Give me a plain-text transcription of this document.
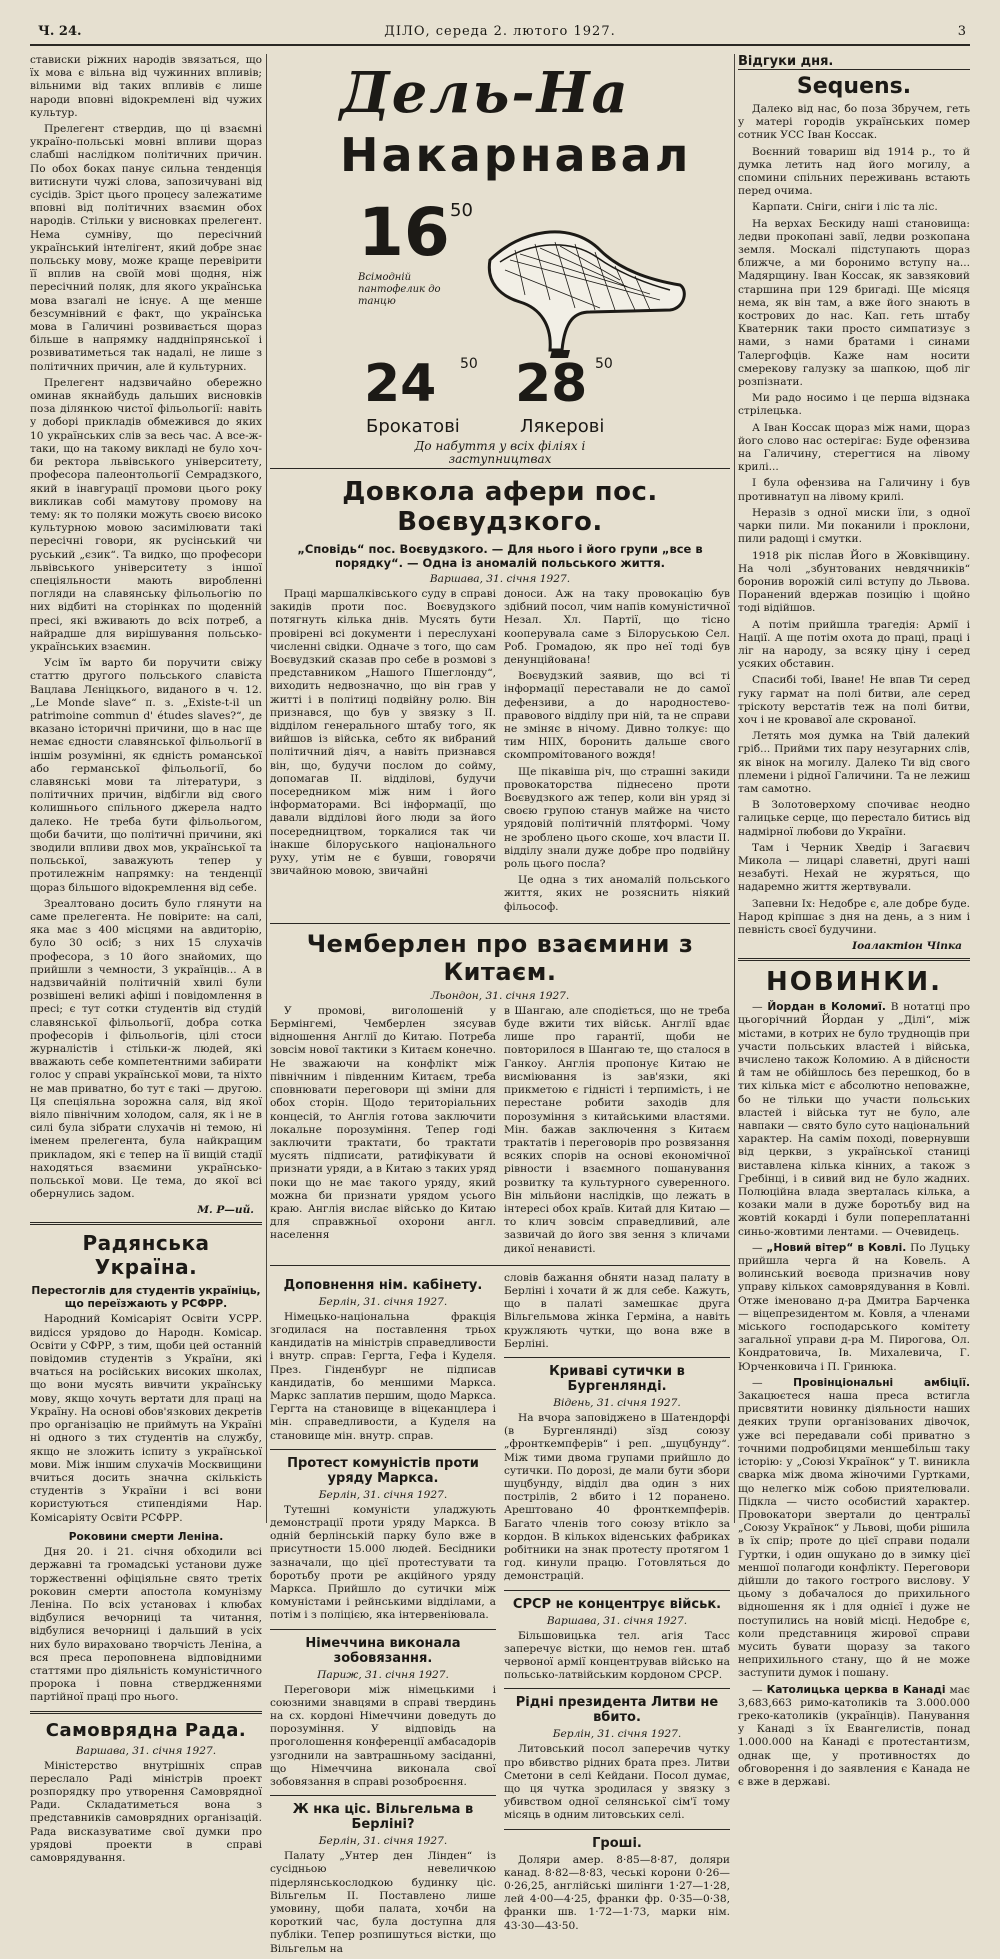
Ч. 24.	ДІЛО, середа 2. лютого 1927.	3

стависки ріжних народів звязаться, що їх мова є вільна від чужинних впливів; вільними від таких впливів є лише народи вповні відокремлені від чужих культур.

Прелегент ствердив, що ці взаємні україно-польські мовні впливи щораз слабші наслідком політичних причин. По обох боках панує сильна тенденція витиснути чужі слова, запозичувані від сусідів. Зріст цього процесу залежатиме вповні від політичних взаємин обох народів. Стільки у висновках прелегент. Нема сумніву, що пересічний український інтелігент, який добре знає польську мову, може краще перевірити її вплив на своїй мові щодня, ніж пересічний поляк, для якого українська мова взагалі не існує. А ще менше безсумнівний є факт, що українська мова в Галичині розвивається щораз більше в напрямку наддніпрянської і розвиватиметься так надалі, не лише з політичних причин, але й культурних.

Прелегент надзвичайно обережно оминав якнайбудь дальших висновків поза ділянкою чистої фільольогії: навіть у доборі прикладів обмежився до яких 10 українських слів за весь час. А все-ж-таки, що на такому викладі не було хоч-би ректора львівського університету, професора палеонтольогії Семрадзкого, який в інавгурації промови цього року викликав собі мамутову промову на тему: як то поляки можуть своєю високо культурною мовою засимілювати такі пересічні говори, як русінський чи руський „єзик“. Та видко, що професори львівського університету з іншої спеціяльности мають виробленні погляди на славянську фільольогію по них відбиті на сторінках по щоденній пресі, які вживають до всіх потреб, а найрадше для вирішування польсько-українських взаємин.

Усім їм варто би поручити свіжу статтю другого польського славіста Вацлава Лєніцкього, виданого в ч. 12. „Le Monde slave“ п. з. „Existe-t-il un patrimoine commun d' études slaves?“, де вказано історичні причини, що в нас ще немає єдности славянської фільольогії в іншім розумінні, як єдність романської або германської фільольогії, бо славянські мови та літератури, з політичних причин, відбігли від свого колишнього спільного джерела надто далеко. Не треба бути фільольогом, щоби бачити, що політичні причини, які зводили впливи двох мов, української та польської, заважують тепер у протилежнім напрямку: на тенденції щораз більшого відокремлення від себе.

Зреалтовано досить було глянути на саме прелегента. Не повірите: на салі, яка має з 400 місцями на авдиторію, було 30 осіб; з них 15 слухачів професора, з 10 його знайомих, що прийшли з чемности, 3 українців... А в надзвичайній політичній хвилі були розвішені великі афіші і повідомлення в пресі; є тут сотки студентів від студій славянської фільольогії, добра сотка професорів і фільольогів, цілі стоси журналістів і стільки-ж людей, які вважають себе компетентними забирати голос у справі української мови, та ніхто не мав приватно, бо тут є такі — другою. Ця спеціяльна зорожна саля, від якої віяло північним холодом, саля, як і не в силі була зібрати слухачів ні темою, ні іменем прелегента, була найкращим прикладом, які є тепер на її вищій стадії находяться взаємини українсько-польської мови. Це тема, до якої всі обернулись задом.

М. Р—ий.
Радянська Україна.
Перестоглів для студентів україніць, що переїзжають у РСФРР.

Народний Комісаріят Освіти УСРР. видісся урядово до Народн. Комісар. Освіти у СФРР, з тим, щоби цей останній повідомив студентів з України, які вчаться на російських високих школах, що вони мусять вивчити українську мову, якщо хочуть вертати для праці на Україну. На основі обов'язкових декретів про організацію не приймуть на Україні ні одного з тих студентів на службу, якщо не зложить іспиту з української мови. Між іншим слухачів Москвищини вчиться досить значна скількість студентів з України і всі вони користуються стипендіями Нар. Комісаріяту Освіти РСФРР.

Роковини смерти Леніна.

Дня 20. і 21. січня обходили всі державні та громадські установи дуже торжественні офіціяльне свято третіх роковин смерти апостола комунізму Леніна. По всіх установах і клюбах відбулися вечорниці та читання, відбулися вечорниці і дальший в усіх них було вираховано творчість Леніна, а вся преса пероповнена відповідними статтями про діяльність комуністичного пророка і повна ствердженнями партійної праці про нього.

Самоврядна Рада.
Варшава, 31. січня 1927.

Міністерство внутрішніх справ переслало Раді міністрів проект розпорядку про утворення Самоврядної Ради. Складатиметься вона з представників самоврядних організацій. Рада висказуватиме свої думки про урядові проекти в справі самоврядування.

Дель-На
Накарнавал
16 50
Всімодній пантофелик до танцю
24 50 28 50
Брокатові	Лякерові
До набуття у всіх філіях і заступництвах
Довкола афери пос. Воєвудзкого.
„Сповідь“ пос. Воєвудзкого. — Для нього і його групи „все в порядку“. — Одна із аномалій польського життя.
Варшава, 31. січня 1927.

Праці маршалківського суду в справі закидів проти пос. Воєвудзкого потягнуть кілька днів. Мусять бути провірені всі документи і переслухані численні свідки. Одначе з того, що сам Воєвудзкий сказав про себе в розмові з представником „Нашого Пшеглонду“, виходить недвозначно, що він грав у житті і в політиці подвійну ролю. Він признався, що був у звязку з ІІ. відділом генерального штабу того, як вийшов із війська, себто як вибраний політичний діяч, а навіть признався він, що, будучи послом до сойму, допомагав ІІ. відділові, будучи посередником між ним і його інформаторами. Всі інформації, що давали відділові його люди за його посередництвом, торкалися так чи інакше білоруського національного руху, утім не є бувши, говорячи звичайною мовою, звичайні

доноси. Аж на таку провокацію був здібний посол, чим напів комуністичної Незал. Хл. Партії, що тісно кооперувала саме з Білоруською Сел. Роб. Громадою, як про неї тоді був денунційована!

Воєвудзкий заявив, що всі ті інформації переставали не до самої дефензиви, а до народностево-правового відділу при ній, та не справи не зміняє в нічому. Дивно толкує: що тим НІІХ, боронить дальше свого скомпромітованого вождя!

Ще пікавіша річ, що страшні закиди провокаторства піднесено проти Воєвудзкого аж тепер, коли він уряд зі своєю групою станув майже на чисто урядовій політичній плятформі. Чому не зроблено цього скоше, хоч власти ІІ. відділу знали дуже добре про подвійну роль цього посла?

Це одна з тих аномалій польського життя, яких не розяснить ніякий фільософ.

Чемберлен про взаємини з Китаєм.
Льондон, 31. січня 1927.

У промові, виголошеній у Бермінгемі, Чемберлен зясував відношення Англії до Китаю. Потреба зовсім нової тактики з Китаєм конечно. Не зважаючи на конфлікт між північним і південним Китаєм, треба сповнювати переговори щі зміни для обох сторін. Щодо територіальних концесій, то Англія готова заключити локальне порозуміння. Тепер годі заключити трактати, бо трактати мусять підписати, ратифікувати й признати уряди, а в Китаю з таких уряд поки що не має такого уряду, який можна би признати урядом усього краю. Англія вислає військо до Китаю для справжньої охорони англ. населення

в Шангаю, але сподіється, що не треба буде вжити тих військ. Англії вдає лише про гарантії, щоби не повторилося в Шангаю те, що сталося в Ганкоу. Англія пропонує Китаю не висміювання із зав'язки, які прикметою є гідністі і терпимість, і не перестане робити заходів для порозуміння з китайськими властями. Мін. бажав заключення з Китаєм трактатів і переговорів про розвязання всяких спорів на основі економічної рівности і взаємного пошанування розвитку та культурного суверенного. Він мільйони наслідків, що лежать в інтересі обох країв. Китай для Китаю — то клич зовсім справедливий, але зазвичай до його звя зення з кличами дикої ненависті.

Доповнення нім. кабінету.
Берлін, 31. січня 1927.

Німецько-національна фракція згодилася на поставлення трьох кандидатів на міністрів справедливости і внутр. справ: Гергта, Гефа і Куделя. През. Гінденбург не підписав кандидатів, бо меншими Маркса. Маркс заплатив першим, щодо Маркса. Гергта на становище в віцеканцлера і мін. справедливости, а Куделя на становище мін. внутр. справ.

Протест комуністів проти уряду Маркса.
Берлін, 31. січня 1927.

Тутешні комуністи уладжують демонстрації проти уряду Маркса. В одній берлінській парку було вже в присутности 15.000 людей. Бесідники зазначали, що цієї протестувати та боротьбу проти ре акційного уряду Маркса. Прийшло до сутички між комуністами і рейнськими відділами, а потім і з поліцією, яка інтервеніювала.

Німеччина виконала зобовязання.
Париж, 31. січня 1927.

Переговори між німецькими і союзними знавцями в справі твердинь на сх. кордоні Німеччини доведуть до порозуміння. У відповідь на проголошення конференції амбасадорів узгоднили на завтрашньому засіданні, що Німеччина виконала свої зобовязання в справі розоброєння.

Ж нка ціс. Вільгельма в Берліні?
Берлін, 31. січня 1927.

Палату „Унтер ден Лінден“ із сусідньою невеличкою підерлянськослодкою будинку ціс. Вільгельм ІІ. Поставлено лише умовину, щоби палата, хочби на короткий час, була доступна для публіки. Тепер розпишуться вістки, що Вільгельм на

словів бажання обняти назад палату в Берліні і хочати й ж для себе. Кажуть, що в палаті замешкає друга Вільгельмова жінка Герміна, а навіть кружляють чутки, що вона вже в Берліні.

Криваві сутички в Бургенлянді.
Відень, 31. січня 1927.

На вчора заповіджено в Шатендорфі (в Бургенлянді) зїзд союзу „фронткемпферів“ і реп. „шуцбунду“. Між тими двома групами прийшло до сутички. По дорозі, де мали бути збори шуцбунду, відділ два один з них пострілів, 2 вбито і 12 поранено. Арештовано 40 фронткемпферів. Багато членів того союзу втікло за кордон. В кількох віденських фабриках робітники на знак протесту протягом 1 год. кинули працю. Готовляться до демонстрацій.

СРСР не концентрує військ.
Варшава, 31. січня 1927.

Більшовицька тел. агія Тасс заперечує вістки, що немов ген. штаб червоної армії концентрував військо на польсько-латвійським кордоном СРСР.

Рідні президента Литви не вбито.
Берлін, 31. січня 1927.

Литовський посол заперечив чутку про вбивство рідних брата през. Литви Сметони в селі Кейдани. Посол думає, що ця чутка зродилася у звязку з убивством одної селянської сім'ї тому місяць в одним литовських селі.

Гроші.

Доляри амер. 8·85—8·87, доляри канад. 8·82—8·83, чеські корони 0·26—0·26,25, англійські шилінги 1·27—1·28, лей 4·00—4·25, франки фр. 0·35—0·38, франки шв. 1·72—1·73, марки нім. 43·30—43·50.

Відгуки дня.
Sequens.

Далеко від нас, бо поза Збручем, геть у матері городів українських помер сотник УСС Іван Коссак.

Воєнний товариш від 1914 р., то й думка летить над його могилу, а спомини спільних переживань встають перед очима.

Карпати. Сніги, сніги і ліс та ліс.

На верхах Бескиду наші становища: ледви прокопані завії, ледви розкопана земля. Москалі підступають щораз ближче, а ми боронимо вступу на... Мадярщину. Іван Коссак, як завзяковий старшина при 129 бригаді. Ще місяця нема, як він там, а вже його знають в кострових до нас. Кап. геть штабу Кватерник таки просто симпатизує з нами, з нами братами і синами Талергофців. Каже нам носити смерекову галузку за шапкою, щоб ліг розпізнати.

Ми радо носимо і це перша відзнака стрілецька.

А Іван Коссак щораз між нами, щораз його слово нас остерігає: Буде офензива на Галичину, стерегтися на лівому крилі...

І була офензива на Галичину і був противнатуп на лівому крилі.

Неразів з одної миски їли, з одної чарки пили. Ми поканили і проклони, пили радощі і смутки.

1918 рік післав Його в Жовківщину. На чолі „збунтованих невдячників“ боронив ворожій силі вступу до Львова. Поранений вдержав позицію і щойно тоді відійшов.

А потім прийшла трагедія: Армії і Нації. А ще потім охота до праці, праці і ліг на народу, за всяку ціну і серед усяких обставин.

Спасибі тобі, Іване! Не впав Ти серед гуку гармат на полі битви, але серед тріскоту верстатів теж на полі битви, хоч і не кровавої але скрованої.

Летять моя думка на Твій далекий гріб... Прийми тих пару незугарних слів, як вінок на могилу. Далеко Ти від свого племени і рідної Галичини. Та не лежиш там самотно.

В Золотоверхому спочиває неодно галицьке серце, що перестало битись від надмірної любови до України.

Там і Черник Хведір і Загаєвич Микола — лицарі славетні, другі наші незабуті. Нехай не журяться, що надаремно життя жертвували.

Запевни Іх: Недобре є, але добре буде. Народ кріпшає з дня на день, а з ним і певність своєї будучини.

Іоалактіон Чіпка
НОВИНКИ.

— Йордан в Коломиї. В нотатці про цьогорічний Йордан у „Ділі“, між містами, в котрих не було труднощів при участи польських властей і війська, вчислено також Коломию. А в дійсности й там не обійшлось без перешкод, бо в тих кілька міст є абсолютно неповажне, бо не тільки що участи польських властей і війська тут не було, але навпаки — свято було суто національний характер. На самім поході, повернувши від церкви, з української станиці виставлена кілька кінних, а також з Гребінці, і в сивий вид не було жадних. Полюційна влада зверталась кілька, а козаки мали в дуже боротьбу вид на жовтій кокарді і були попереплатанні синьо-жовтими лентами. — Очевидець.

— „Новий вітер“ в Ковлі. По Луцьку прийшла черга й на Ковель. А волинський воєвода призначив нову управу кількох самоврядування в Ковлі. Отже іменовано д-ра Дмитра Барченка — віцепрезидентом м. Ковля, а членами міського господарського комітету загальної управи д-ра М. Пирогова, Ол. Кондратовича, Ів. Михалевича, Г. Юрченковича і П. Гринюка.

— Провінціональні амбіції. Закацюєтеся наша преса встигла присвятити новинку діяльности наших деяких трупи організованих дівочок, уже всі передавали собі приватно з точними подробицями меншебільш таку історію: у „Союзі Українок“ у Т. виникла сварка між двома жіночими Гуртками, що нелегко між собою приятелювали. Підкла — чисто особистий характер. Провокатори звертали до центральї „Союзу Українок“ у Львові, щоби рішила в їх спір; проте до цієї справи подали Гуртки, і один ошукано до в зимку цієї меншої полагоди конфлікту. Переговори дійшли до такого гострого вислову. У цьому з добачалося до прихильного відношення як і для однієї і дуже не поступились на новій місці. Недобре є, коли представниця жирової справи мусить бувати щоразу за такого неприхильного стану, що й не може заступити думок і пошану.

— Католицька церква в Канаді має 3,683,663 римо-католиків та 3.000.000 греко-католиків (українців). Панування у Канаді з їх Евангелистів, понад 1.000.000 на Канаді є протестантизм, однак ще, у противностях до обговорення і до заявления є Канада не є вже в державі.
